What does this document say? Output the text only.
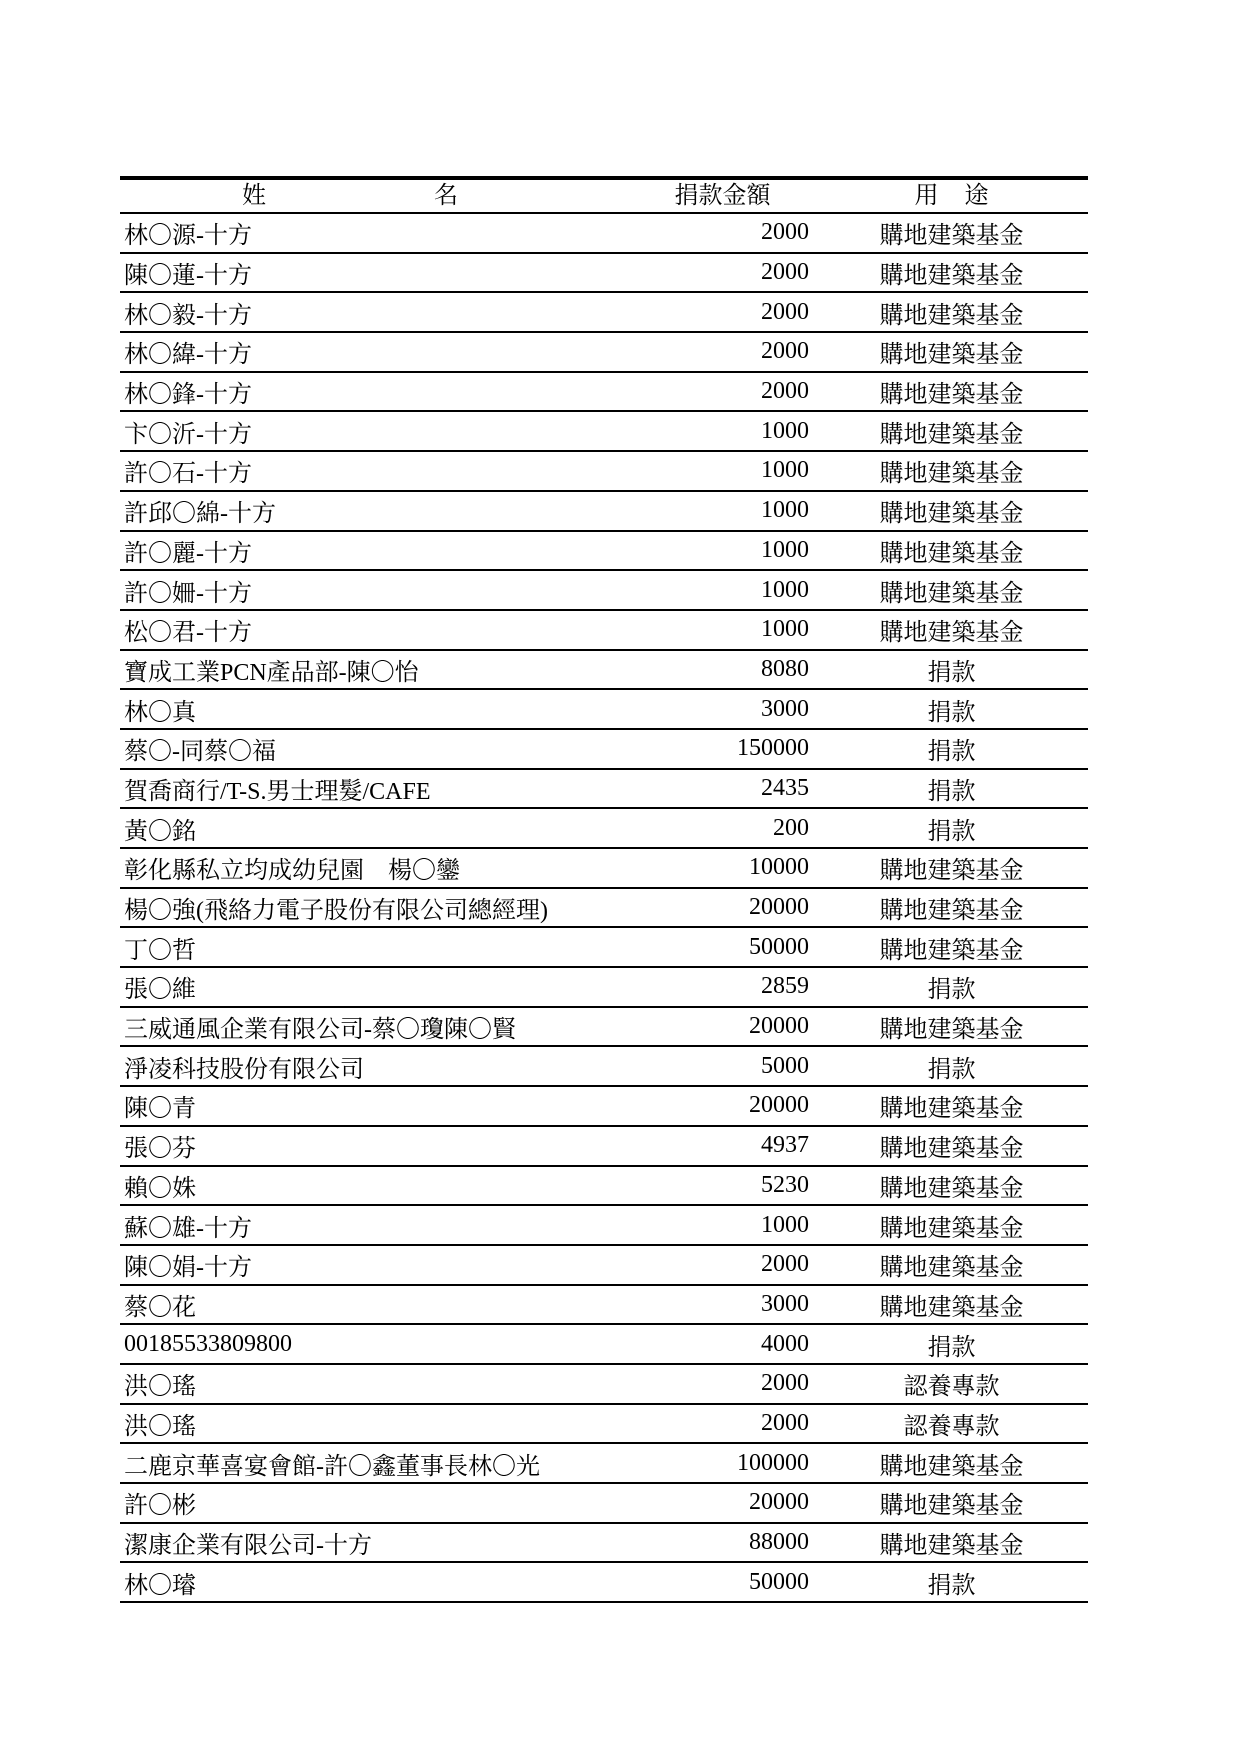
姓　　名	捐款金額	用 途
林〇源-十方	2000	購地建築基金
陳〇蓮-十方	2000	購地建築基金
林〇毅-十方	2000	購地建築基金
林〇緯-十方	2000	購地建築基金
林〇鋒-十方	2000	購地建築基金
卞〇沂-十方	1000	購地建築基金
許〇石-十方	1000	購地建築基金
許邱〇綿-十方	1000	購地建築基金
許〇麗-十方	1000	購地建築基金
許〇姍-十方	1000	購地建築基金
松〇君-十方	1000	購地建築基金
寶成工業PCN產品部-陳〇怡	8080	捐款
林〇真	3000	捐款
蔡〇-同蔡〇福	150000	捐款
賀喬商行/T-S.男士理髮/CAFE	2435	捐款
黃〇銘	200	捐款
彰化縣私立均成幼兒園　楊〇鑾	10000	購地建築基金
楊〇強(飛絡力電子股份有限公司總經理)	20000	購地建築基金
丁〇哲	50000	購地建築基金
張〇維	2859	捐款
三威通風企業有限公司-蔡〇瓊陳〇賢	20000	購地建築基金
淨凌科技股份有限公司	5000	捐款
陳〇青	20000	購地建築基金
張〇芬	4937	購地建築基金
賴〇姝	5230	購地建築基金
蘇〇雄-十方	1000	購地建築基金
陳〇娟-十方	2000	購地建築基金
蔡〇花	3000	購地建築基金
00185533809800	4000	捐款
洪〇瑤	2000	認養專款
洪〇瑤	2000	認養專款
二鹿京華喜宴會館-許〇鑫董事長林〇光	100000	購地建築基金
許〇彬	20000	購地建築基金
潔康企業有限公司-十方	88000	購地建築基金
林〇璿	50000	捐款
